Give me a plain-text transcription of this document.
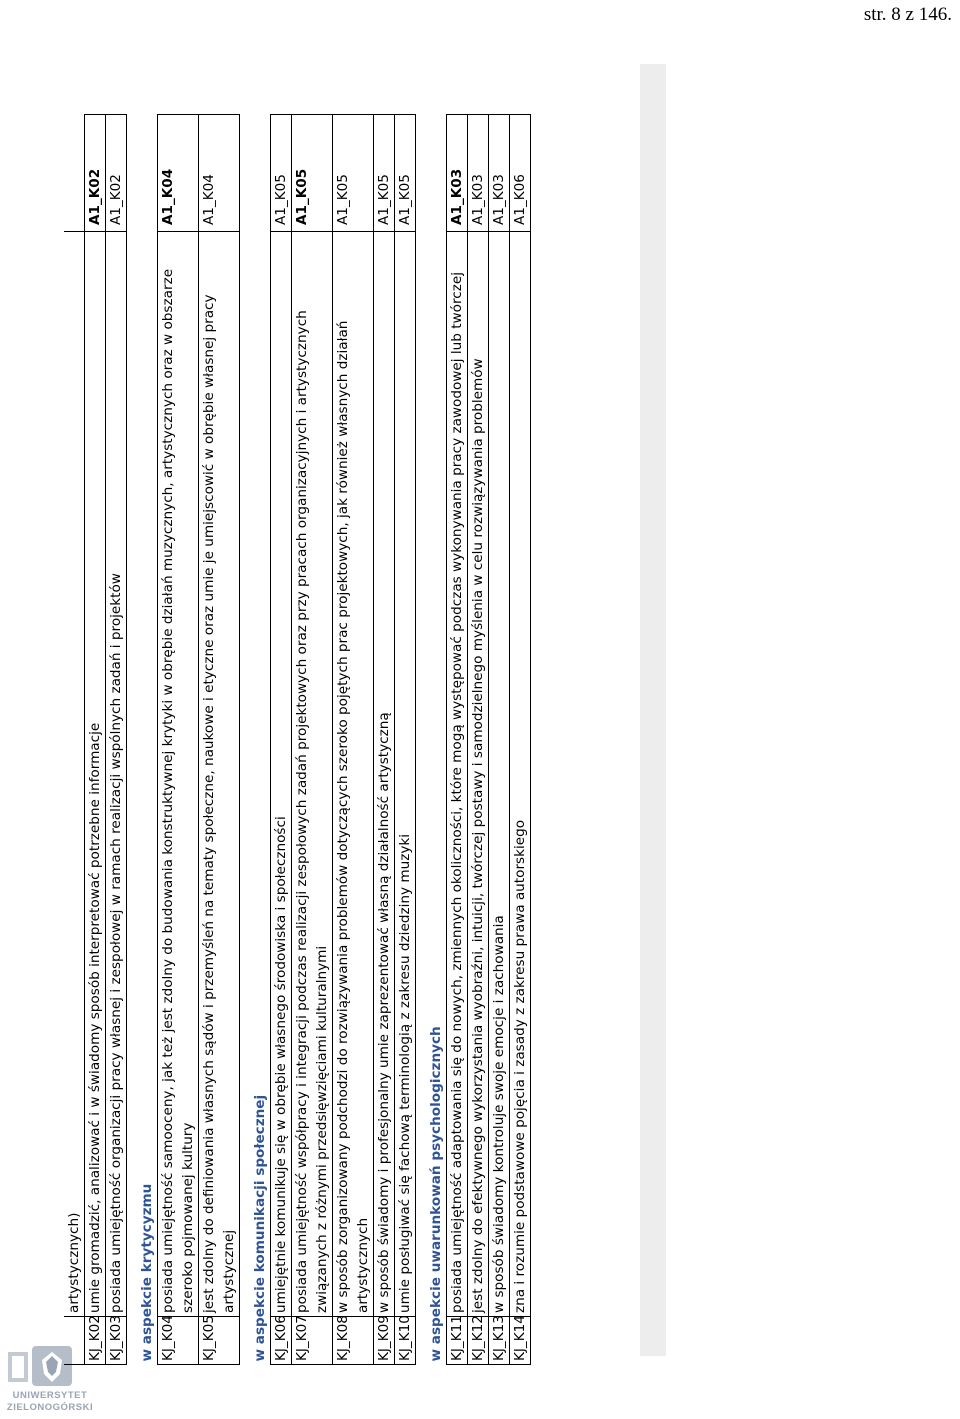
str. 8 z 146.
UNIWERSYTET
ZIELONOGÓRSKI
	artystycznych)	
KJ_K02	umie gromadzić, analizować i w świadomy sposób interpretować potrzebne informacje	A1_K02
KJ_K03	posiada umiejętność organizacji pracy własnej i zespołowej w ramach realizacji wspólnych zadań i projektów	A1_K02
w aspekcie krytycyzmu		
KJ_K04	posiada umiejętność samooceny, jak też jest zdolny do budowania konstruktywnej krytyki w obrębie działań muzycznych, artystycznych oraz w obszarze szeroko pojmowanej kultury	A1_K04
KJ_K05	jest zdolny do definiowania własnych sądów i przemyśleń na tematy społeczne, naukowe i etyczne oraz umie je umiejscowić w obrębie własnej pracy artystycznej	A1_K04
w aspekcie komunikacji społecznej		
KJ_K06	umiejętnie komunikuje się w obrębie własnego środowiska i społeczności	A1_K05
KJ_K07	posiada umiejętność współpracy i integracji podczas realizacji zespołowych zadań projektowych oraz przy pracach organizacyjnych i artystycznych związanych z różnymi przedsięwzięciami kulturalnymi	A1_K05
KJ_K08	w sposób zorganizowany podchodzi do rozwiązywania problemów dotyczących szeroko pojętych prac projektowych, jak również własnych działań artystycznych	A1_K05
KJ_K09	w sposób świadomy i profesjonalny umie zaprezentować własną działalność artystyczną	A1_K05
KJ_K10	umie posługiwać się fachową terminologią z zakresu dziedziny muzyki	A1_K05
w aspekcie uwarunkowań psychologicznych		
KJ_K11	posiada umiejętność adaptowania się do nowych, zmiennych okoliczności, które mogą występować podczas wykonywania pracy zawodowej lub twórczej	A1_K03
KJ_K12	jest zdolny do efektywnego wykorzystania wyobraźni, intuicji, twórczej postawy i samodzielnego myślenia w celu rozwiązywania problemów	A1_K03
KJ_K13	w sposób świadomy kontroluje swoje emocje i zachowania	A1_K03
KJ_K14	zna i rozumie podstawowe pojęcia i zasady z zakresu prawa autorskiego	A1_K06
